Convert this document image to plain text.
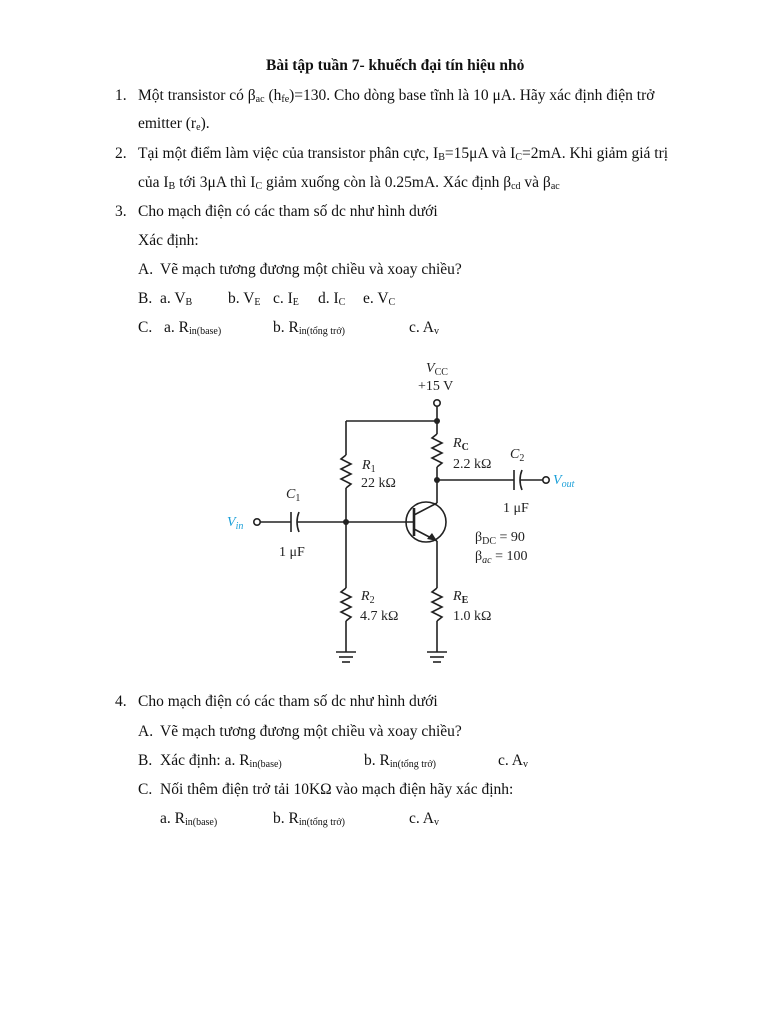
Bài tập tuần 7- khuếch đại tín hiệu nhỏ
1. Một transistor có $\beta_{ac}$ $(h_{fe})=130$. Cho dòng base tĩnh là 10 μA. Hãy xác định điện trở
emitter $(r_e)$.
2. Tại một điểm làm việc của transistor phân cực, $I_B=15\mu A$ và $I_C=2mA$. Khi giảm giá trị
của $I_B$ tới 3μA thì $I_C$ giảm xuống còn là 0.25mA. Xác định $\beta_{cd}$ và $\beta_{ac}$
3. Cho mạch điện có các tham số dc như hình dưới
Xác định:
A. Vẽ mạch tương đương một chiều và xoay chiều?
B. a. $V_B$ b. $V_E$ c. $I_E$ d. $I_C$ e. $V_C$
C. a. $R_{in(base)}$	b. $R_{in(tổng trở)}$	c. $A_v$
$V_{CC}$
+15 V
$R_1$
22 kΩ
$R_C$
2.2 kΩ
$C_2$
1 μF
$C_1$
1 μF
$\beta_{DC} = 90$
$\beta_{ac} = 100$
$R_2$
4.7 kΩ
$R_E$
1.0 kΩ
$V_{in}$
$V_{out}$
4. Cho mạch điện có các tham số dc như hình dưới
A. Vẽ mạch tương đương một chiều và xoay chiều?
B. Xác định: a. $R_{in(base)}$	b. $R_{in(tổng trở)}$	c. $A_v$
C. Nối thêm điện trở tải 10KΩ vào mạch điện hãy xác định:
a. $R_{in(base)}$	b. $R_{in(tổng trở)}$	c. $A_v$
